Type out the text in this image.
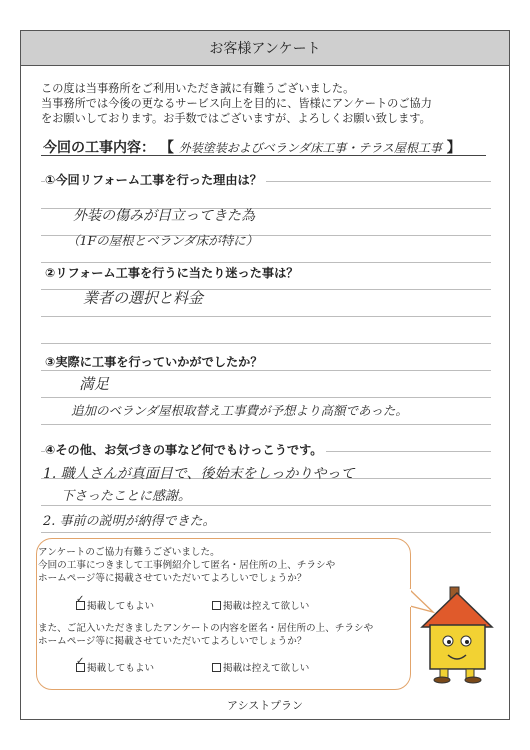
お客様アンケート
この度は当事務所をご利用いただき誠に有難うございました。
当事務所では今後の更なるサービス向上を目的に、皆様にアンケートのご協力
をお願いしております。お手数ではございますが、よろしくお願い致します。
今回の工事内容： 【 外装塗装およびベランダ床工事・テラス屋根工事 】
①今回リフォーム工事を行った理由は？
外装の傷みが目立ってきた為
（1Fの屋根とベランダ床が特に）
②リフォーム工事を行うに当たり迷った事は？
業者の選択と料金
③実際に工事を行っていかがでしたか？
満足
追加のベランダ屋根取替え工事費が予想より高額であった。
④その他、お気づきの事など何でもけっこうです。
1. 職人さんが真面目で、後始末をしっかりやって
下さったことに感謝。
2. 事前の説明が納得できた。
アシストプラン
アンケートのご協力有難うございました。
今回の工事につきまして工事例紹介して匿名・居住所の上、チラシや
ホームページ等に掲載させていただいてよろしいでしょうか？
✓
掲載してもよい	掲載は控えて欲しい
また、ご記入いただきましたアンケートの内容を匿名・居住所の上、チラシや
ホームページ等に掲載させていただいてよろしいでしょうか？
✓
掲載してもよい	掲載は控えて欲しい
